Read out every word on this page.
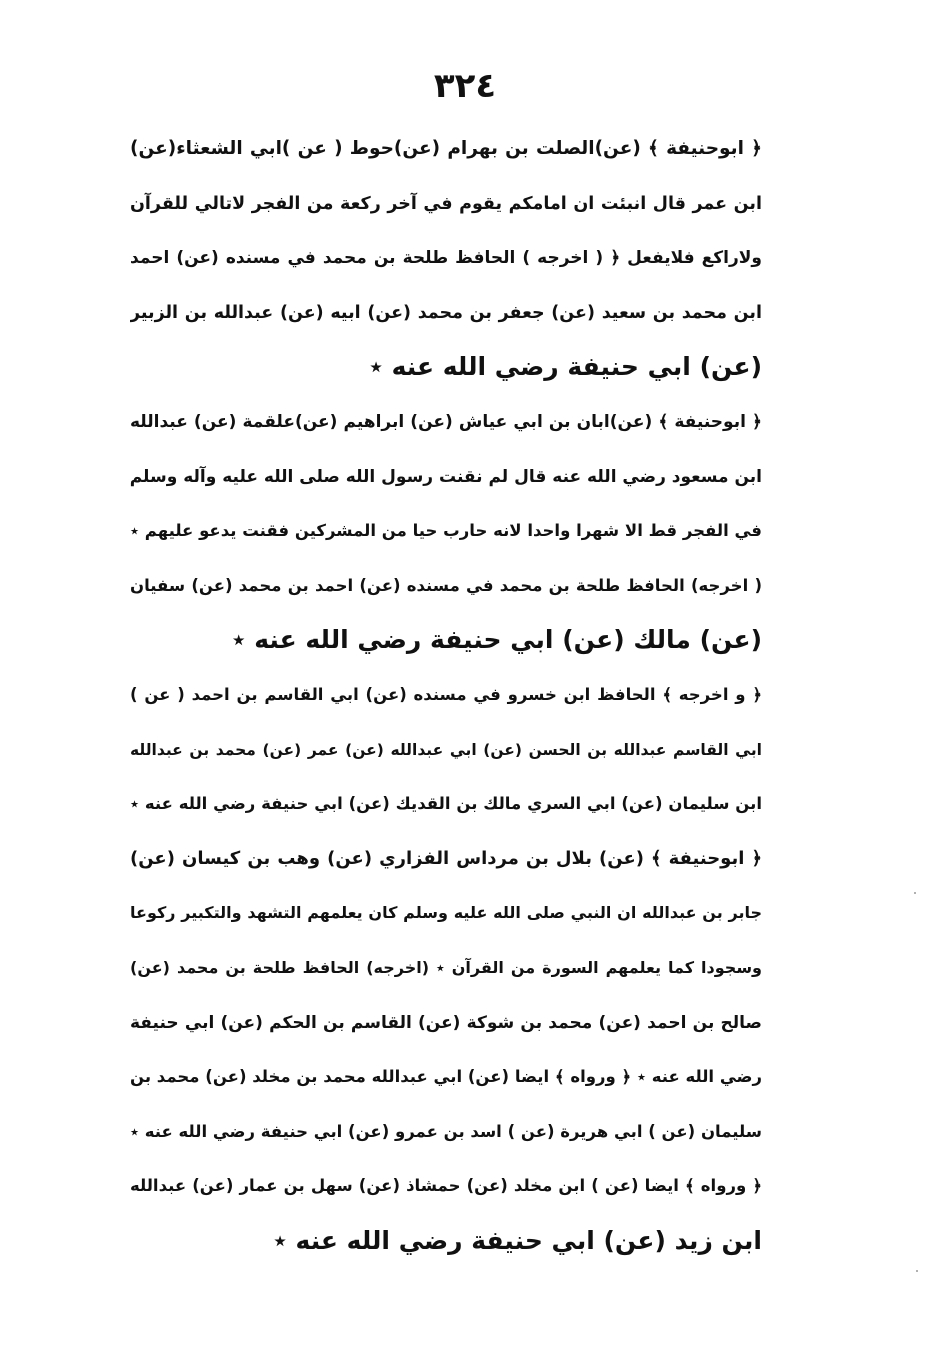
٣٢٤
﴿ ابوحنيفة ﴾ (عن)الصلت بن بهرام (عن)حوط ( عن )ابي الشعثاء(عن)
ابن عمر قال انبئت ان امامكم يقوم في آخر ركعة من الفجر لاتالي للقرآن
ولاراكع فلايفعل ﴿ ( اخرجه ) الحافظ طلحة بن محمد في مسنده (عن) احمد
ابن محمد بن سعيد (عن) جعفر بن محمد (عن) ابيه (عن) عبدالله بن الزبير
(عن) ابي حنيفة رضي الله عنه ٭
﴿ ابوحنيفة ﴾ (عن)ابان بن ابي عياش (عن) ابراهيم (عن)علقمة (عن) عبدالله
ابن مسعود رضي الله عنه قال لم نقنت رسول الله صلى الله عليه وآله وسلم
في الفجر قط الا شهرا واحدا لانه حارب حيا من المشركين فقنت يدعو عليهم ٭
( اخرجه) الحافظ طلحة بن محمد في مسنده (عن) احمد بن محمد (عن) سفيان
(عن) مالك (عن) ابي حنيفة رضي الله عنه ٭
﴿ و اخرجه ﴾ الحافظ ابن خسرو في مسنده (عن) ابي القاسم بن احمد ( عن )
ابي القاسم عبدالله بن الحسن (عن) ابي عبدالله (عن) عمر (عن) محمد بن عبدالله
ابن سليمان (عن) ابي السري مالك بن القديك (عن) ابي حنيفة رضي الله عنه ٭
﴿ ابوحنيفة ﴾ (عن) بلال بن مرداس الفزاري (عن) وهب بن كيسان (عن)
جابر بن عبدالله ان النبي صلى الله عليه وسلم كان يعلمهم التشهد والتكبير ركوعا
وسجودا كما يعلمهم السورة من القرآن ٭ (اخرجه) الحافظ طلحة بن محمد (عن)
صالح بن احمد (عن) محمد بن شوكة (عن) القاسم بن الحكم (عن) ابي حنيفة
رضي الله عنه ٭ ﴿ ورواه ﴾ ايضا (عن) ابي عبدالله محمد بن مخلد (عن) محمد بن
سليمان (عن ) ابي هريرة (عن ) اسد بن عمرو (عن) ابي حنيفة رضي الله عنه ٭
﴿ ورواه ﴾ ايضا (عن ) ابن مخلد (عن) حمشاذ (عن) سهل بن عمار (عن) عبدالله
ابن زيد (عن) ابي حنيفة رضي الله عنه ٭
